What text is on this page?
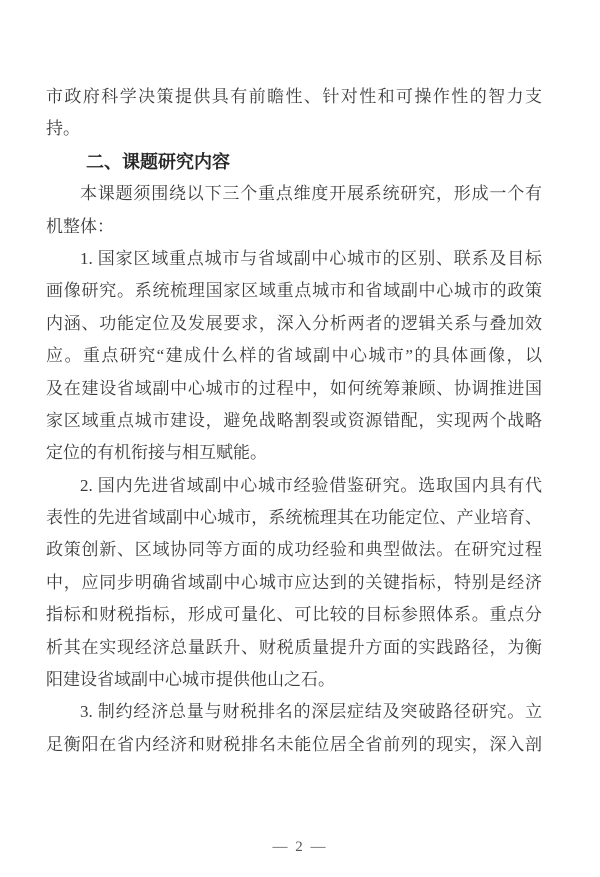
市政府科学决策提供具有前瞻性、针对性和可操作性的智力支

持。

二、课题研究内容

本课题须围绕以下三个重点维度开展系统研究，形成一个有

机整体：

1. 国家区域重点城市与省域副中心城市的区别、联系及目标

画像研究。系统梳理国家区域重点城市和省域副中心城市的政策

内涵、功能定位及发展要求，深入分析两者的逻辑关系与叠加效

应。重点研究“建成什么样的省域副中心城市”的具体画像，以

及在建设省域副中心城市的过程中，如何统筹兼顾、协调推进国

家区域重点城市建设，避免战略割裂或资源错配，实现两个战略

定位的有机衔接与相互赋能。

2. 国内先进省域副中心城市经验借鉴研究。选取国内具有代

表性的先进省域副中心城市，系统梳理其在功能定位、产业培育、

政策创新、区域协同等方面的成功经验和典型做法。在研究过程

中，应同步明确省域副中心城市应达到的关键指标，特别是经济

指标和财税指标，形成可量化、可比较的目标参照体系。重点分

析其在实现经济总量跃升、财税质量提升方面的实践路径，为衡

阳建设省域副中心城市提供他山之石。

3. 制约经济总量与财税排名的深层症结及突破路径研究。立

足衡阳在省内经济和财税排名未能位居全省前列的现实，深入剖

— 2 —
